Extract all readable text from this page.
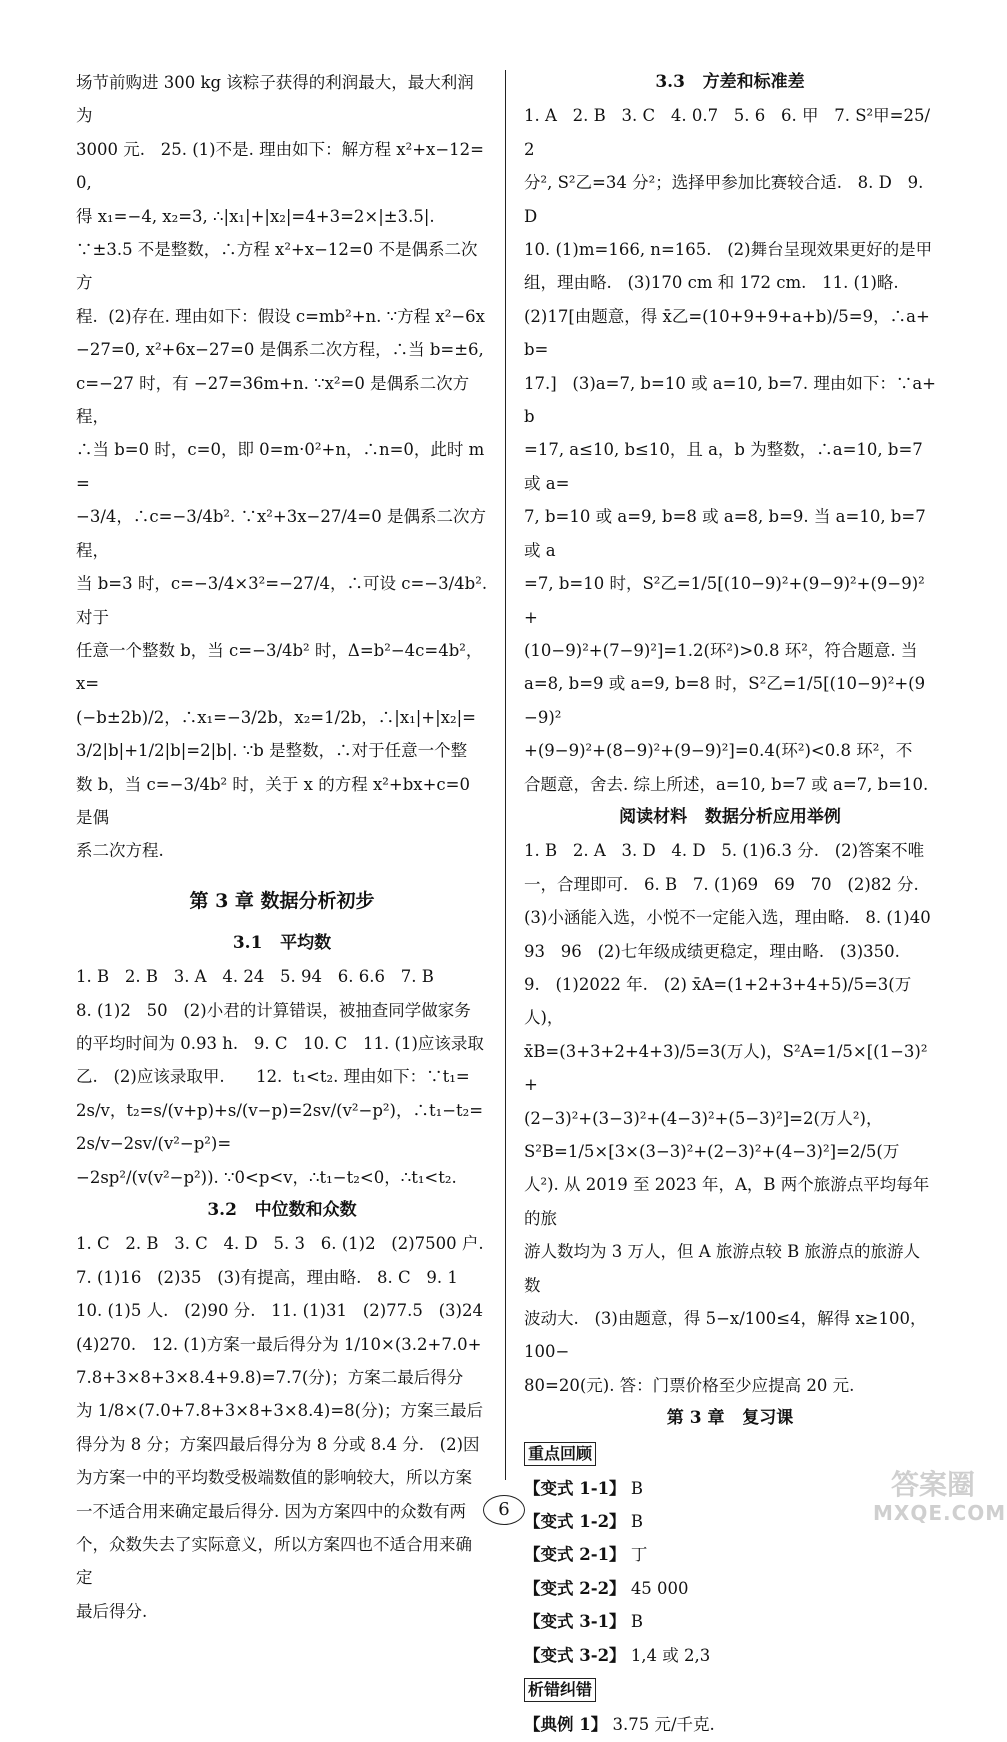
场节前购进 300 kg 该粽子获得的利润最大，最大利润为
3000 元.   25. (1)不是. 理由如下：解方程 x²+x−12=0,
得 x₁=−4, x₂=3, ∴|x₁|+|x₂|=4+3=2×|±3.5|.
∵±3.5 不是整数，∴方程 x²+x−12=0 不是偶系二次方
程.  (2)存在. 理由如下：假设 c=mb²+n. ∵方程 x²−6x
−27=0, x²+6x−27=0 是偶系二次方程，∴当 b=±6,
c=−27 时，有 −27=36m+n. ∵x²=0 是偶系二次方程，
∴当 b=0 时，c=0，即 0=m·0²+n，∴n=0，此时 m=
−3/4，∴c=−3/4b². ∵x²+3x−27/4=0 是偶系二次方程，
当 b=3 时，c=−3/4×3²=−27/4，∴可设 c=−3/4b². 对于
任意一个整数 b，当 c=−3/4b² 时，Δ=b²−4c=4b²，x=
(−b±2b)/2，∴x₁=−3/2b，x₂=1/2b，∴|x₁|+|x₂|=
3/2|b|+1/2|b|=2|b|. ∵b 是整数，∴对于任意一个整
数 b，当 c=−3/4b² 时，关于 x 的方程 x²+bx+c=0 是偶
系二次方程.
第 3 章 数据分析初步
3.1   平均数
1. B   2. B   3. A   4. 24   5. 94   6. 6.6   7. B
8. (1)2   50   (2)小君的计算错误，被抽查同学做家务
的平均时间为 0.93 h.   9. C   10. C   11. (1)应该录取
乙.   (2)应该录取甲.      12.  t₁<t₂. 理由如下：∵t₁=
2s/v，t₂=s/(v+p)+s/(v−p)=2sv/(v²−p²)，∴t₁−t₂=2s/v−2sv/(v²−p²)=
−2sp²/(v(v²−p²)). ∵0<p<v，∴t₁−t₂<0，∴t₁<t₂.
3.2   中位数和众数
1. C   2. B   3. C   4. D   5. 3   6. (1)2   (2)7500 户.
7. (1)16   (2)35   (3)有提高，理由略.   8. C   9. 1
10. (1)5 人.   (2)90 分.   11. (1)31   (2)77.5   (3)24
(4)270.   12. (1)方案一最后得分为 1/10×(3.2+7.0+
7.8+3×8+3×8.4+9.8)=7.7(分)；方案二最后得分
为 1/8×(7.0+7.8+3×8+3×8.4)=8(分)；方案三最后
得分为 8 分；方案四最后得分为 8 分或 8.4 分.   (2)因
为方案一中的平均数受极端数值的影响较大，所以方案
一不适合用来确定最后得分. 因为方案四中的众数有两
个，众数失去了实际意义，所以方案四也不适合用来确定
最后得分.
3.3   方差和标准差
1. A   2. B   3. C   4. 0.7   5. 6   6. 甲   7. S²甲=25/2
分², S²乙=34 分²；选择甲参加比赛较合适.   8. D   9. D
10. (1)m=166, n=165.   (2)舞台呈现效果更好的是甲
组，理由略.   (3)170 cm 和 172 cm.   11. (1)略.
(2)17[由题意，得 x̄乙=(10+9+9+a+b)/5=9，∴a+b=
17.]   (3)a=7, b=10 或 a=10, b=7. 理由如下：∵a+b
=17, a≤10, b≤10，且 a，b 为整数，∴a=10, b=7 或 a=
7, b=10 或 a=9, b=8 或 a=8, b=9. 当 a=10, b=7 或 a
=7, b=10 时，S²乙=1/5[(10−9)²+(9−9)²+(9−9)²+
(10−9)²+(7−9)²]=1.2(环²)>0.8 环²，符合题意. 当
a=8, b=9 或 a=9, b=8 时，S²乙=1/5[(10−9)²+(9−9)²
+(9−9)²+(8−9)²+(9−9)²]=0.4(环²)<0.8 环²，不
合题意，舍去. 综上所述，a=10, b=7 或 a=7, b=10.
阅读材料   数据分析应用举例
1. B   2. A   3. D   4. D   5. (1)6.3 分.   (2)答案不唯
一，合理即可.   6. B   7. (1)69   69   70   (2)82 分.
(3)小涵能入选，小悦不一定能入选，理由略.   8. (1)40
93   96   (2)七年级成绩更稳定，理由略.   (3)350.
9.   (1)2022 年.   (2) x̄A=(1+2+3+4+5)/5=3(万人)，
x̄B=(3+3+2+4+3)/5=3(万人)，S²A=1/5×[(1−3)²+
(2−3)²+(3−3)²+(4−3)²+(5−3)²]=2(万人²)，
S²B=1/5×[3×(3−3)²+(2−3)²+(4−3)²]=2/5(万
人²). 从 2019 至 2023 年，A，B 两个旅游点平均每年的旅
游人数均为 3 万人，但 A 旅游点较 B 旅游点的旅游人数
波动大.   (3)由题意，得 5−x/100≤4，解得 x≥100，100−
80=20(元). 答：门票价格至少应提高 20 元.
第 3 章   复习课
重点回顾
【变式 1-1】 B
【变式 1-2】 B
【变式 2-1】 丁
【变式 2-2】 45 000
【变式 3-1】 B
【变式 3-2】 1,4 或 2,3
析错纠错
【典例 1】 3.75 元/千克.
6
答案圈
MXQE.COM
